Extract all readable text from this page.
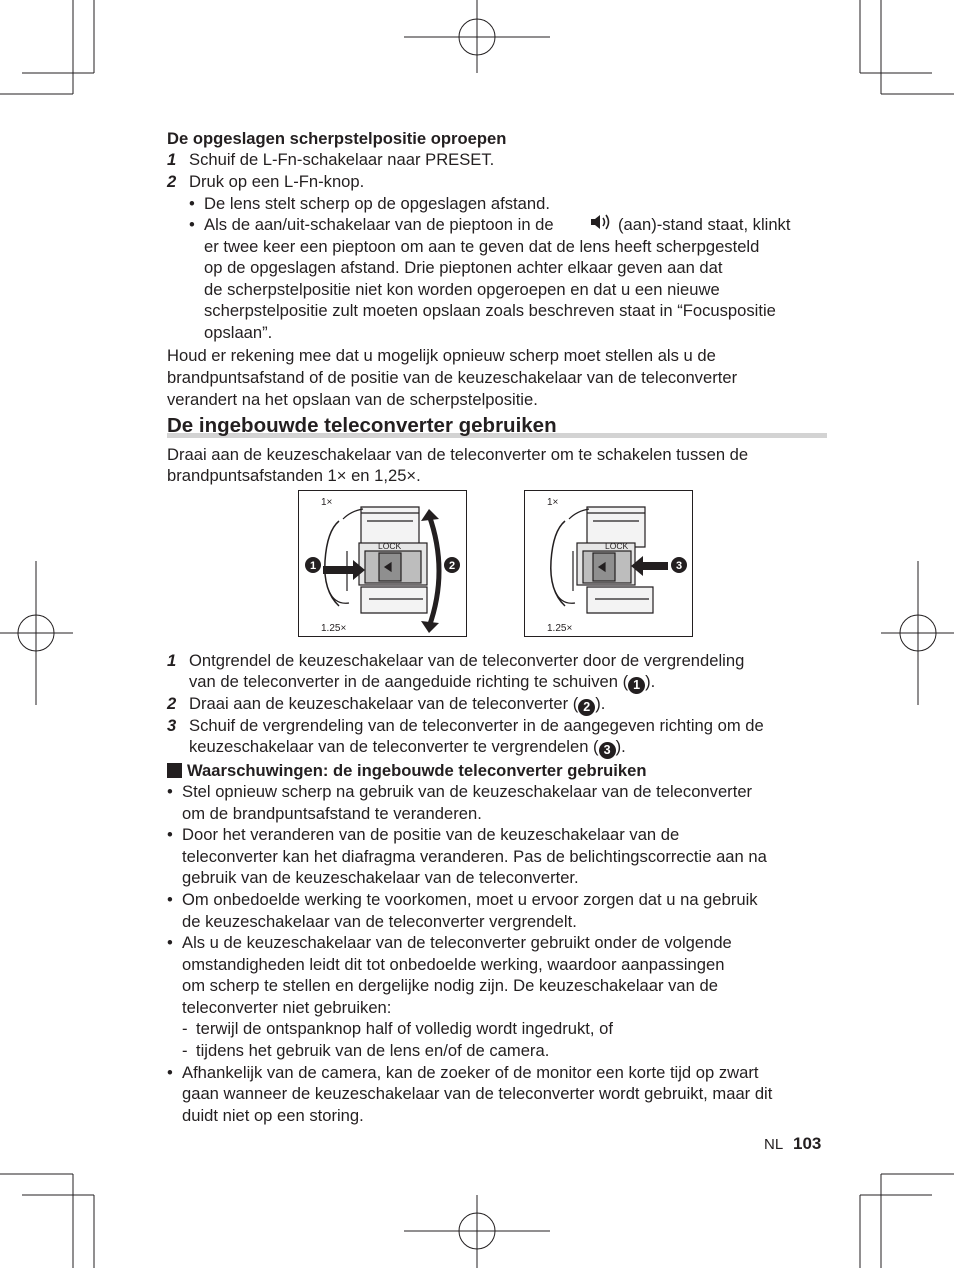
De opgeslagen scherpstelpositie oproepen
1 Schuif de L-Fn-schakelaar naar PRESET.
2 Druk op een L-Fn-knop.
• De lens stelt scherp op de opgeslagen afstand.
• Als de aan/uit-schakelaar van de pieptoon in de	(aan)-stand staat, klinkt
er twee keer een pieptoon om aan te geven dat de lens heeft scherpgesteld
op de opgeslagen afstand. Drie pieptonen achter elkaar geven aan dat
de scherpstelpositie niet kon worden opgeroepen en dat u een nieuwe
scherpstelpositie zult moeten opslaan zoals beschreven staat in “Focuspositie
opslaan”.
Houd er rekening mee dat u mogelijk opnieuw scherp moet stellen als u de
brandpuntsafstand of de positie van de keuzeschakelaar van de teleconverter
verandert na het opslaan van de scherpstelpositie.
De ingebouwde teleconverter gebruiken
Draai aan de keuzeschakelaar van de teleconverter om te schakelen tussen de
brandpuntsafstanden 1× en 1,25×.
1×
1.25×
LOCK
1	2
1×
1.25×
LOCK
3
1 Ontgrendel de keuzeschakelaar van de teleconverter door de vergrendeling
van de teleconverter in de aangeduide richting te schuiven ( 1 ).
2 Draai aan de keuzeschakelaar van de teleconverter ( 2 ).
3 Schuif de vergrendeling van de teleconverter in de aangegeven richting om de
keuzeschakelaar van de teleconverter te vergrendelen ( 3 ).
Waarschuwingen: de ingebouwde teleconverter gebruiken
• Stel opnieuw scherp na gebruik van de keuzeschakelaar van de teleconverter
om de brandpuntsafstand te veranderen.
• Door het veranderen van de positie van de keuzeschakelaar van de
teleconverter kan het diafragma veranderen. Pas de belichtingscorrectie aan na
gebruik van de keuzeschakelaar van de teleconverter.
• Om onbedoelde werking te voorkomen, moet u ervoor zorgen dat u na gebruik
de keuzeschakelaar van de teleconverter vergrendelt.
• Als u de keuzeschakelaar van de teleconverter gebruikt onder de volgende
omstandigheden leidt dit tot onbedoelde werking, waardoor aanpassingen
om scherp te stellen en dergelijke nodig zijn. De keuzeschakelaar van de
teleconverter niet gebruiken:
- terwijl de ontspanknop half of volledig wordt ingedrukt, of
- tijdens het gebruik van de lens en/of de camera.
• Afhankelijk van de camera, kan de zoeker of de monitor een korte tijd op zwart
gaan wanneer de keuzeschakelaar van de teleconverter wordt gebruikt, maar dit
duidt niet op een storing.
NL 103
